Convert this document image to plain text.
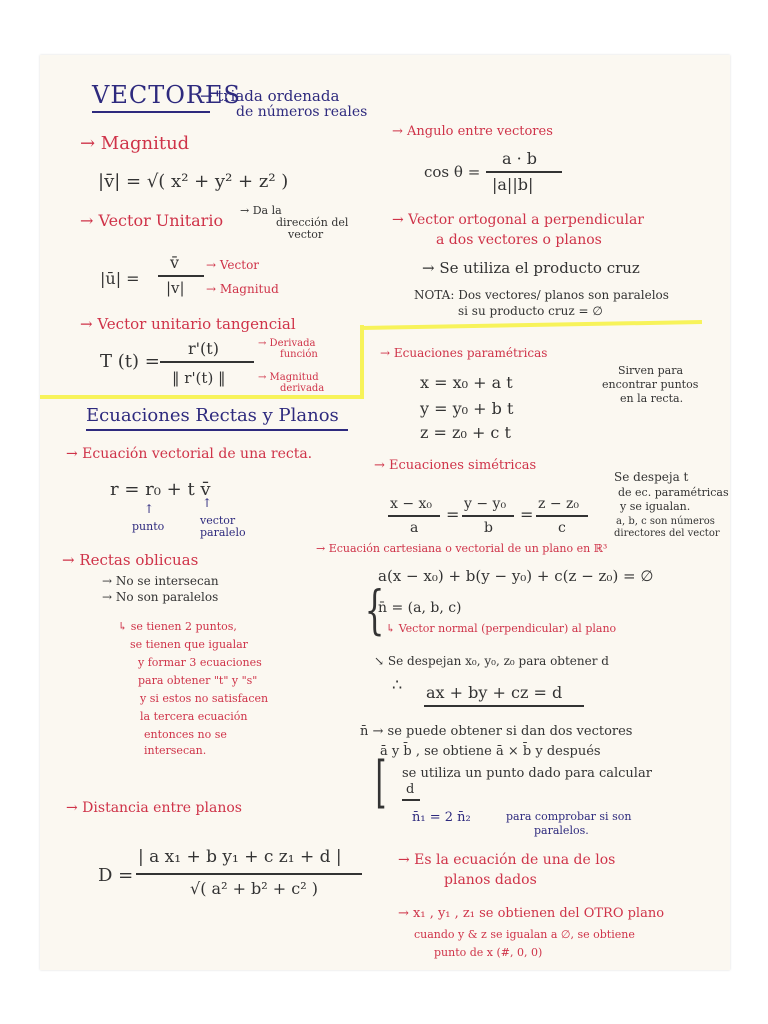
VECTORES
→ triada ordenada
de números reales
→ Magnitud
|v̄| = √( x² + y² + z² )
→ Vector Unitario
→ Da la
dirección del
vector
|ū| =
v̄
|v|
→ Vector
→ Magnitud
→ Vector unitario tangencial
T (t) =
r'(t)
‖ r'(t) ‖
→ Derivada
función
→ Magnitud
derivada
Ecuaciones Rectas y Planos
→ Ecuación vectorial de una recta.
r = r₀ + t v̄
↑	↑
punto	vector
paralelo
→ Rectas oblicuas
→ No se intersecan
→ No son paralelos
↳ se tienen 2 puntos,
se tienen que igualar
y formar 3 ecuaciones
para obtener "t" y "s"
y si estos no satisfacen
la tercera ecuación
entonces no se
intersecan.
→ Distancia entre planos
D =
| a x₁ + b y₁ + c z₁ + d |
√( a² + b² + c² )
→ Angulo entre vectores
cos θ =
a · b
|a||b|
→ Vector ortogonal a perpendicular
a dos vectores o planos
→ Se utiliza el producto cruz
NOTA: Dos vectores/ planos son paralelos
si su producto cruz = ∅
→ Ecuaciones paramétricas
x = x₀ + a t
y = y₀ + b t
z = z₀ + c t
Sirven para
encontrar puntos
en la recta.
→ Ecuaciones simétricas
Se despeja t
de ec. paramétricas
y se igualan.
a, b, c son números
directores del vector
x − x₀
a
=
y − y₀
b
=
z − z₀
c
→ Ecuación cartesiana o vectorial de un plano en ℝ³
a(x − x₀) + b(y − y₀) + c(z − z₀) = ∅
{
n̄ = (a, b, c)
↳ Vector normal (perpendicular) al plano
↘ Se despejan x₀, y₀, z₀ para obtener d
∴ ax + by + cz = d
n̄ → se puede obtener si dan dos vectores
ā y b̄ , se obtiene ā × b̄ y después
[ se utiliza un punto dado para calcular
d
n̄₁ = 2 n̄₂	para comprobar si son
paralelos.
→ Es la ecuación de una de los
planos dados
→ x₁ , y₁ , z₁ se obtienen del OTRO plano
cuando y & z se igualan a ∅, se obtiene
punto de x (#, 0, 0)
